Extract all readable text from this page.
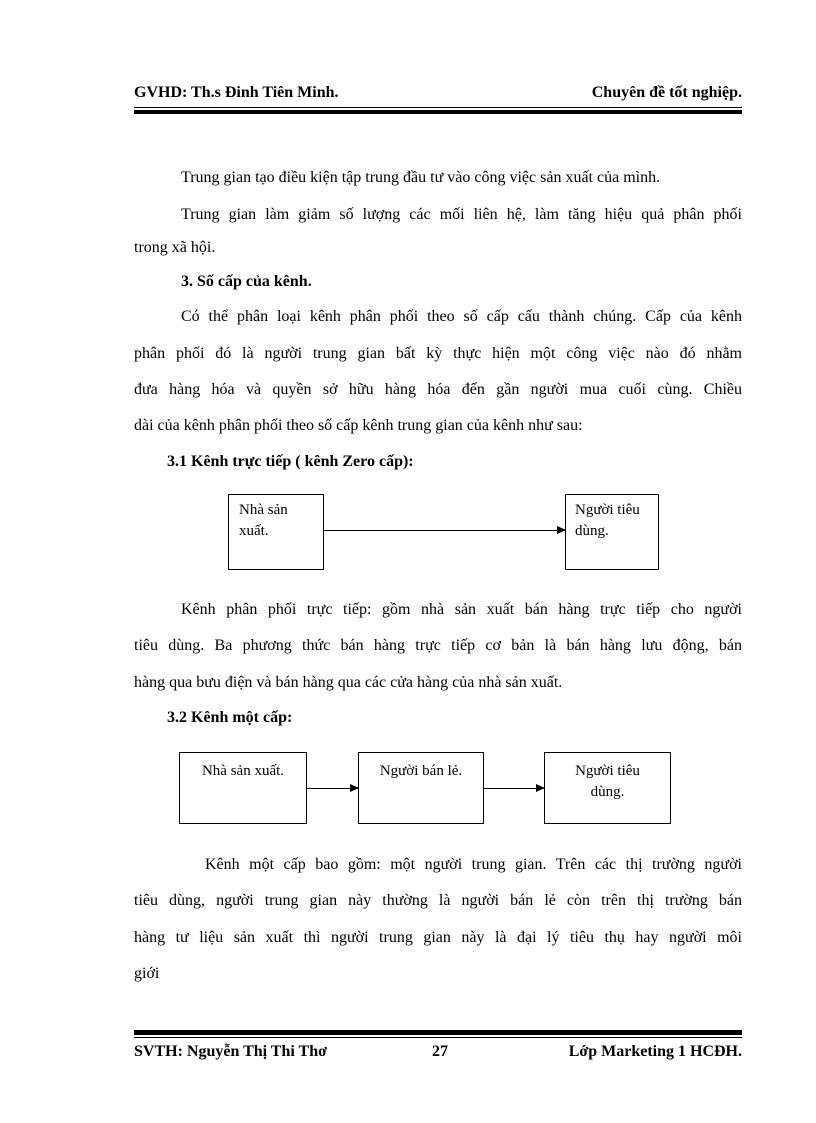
GVHD: Th.s Đinh Tiên Minh.	Chuyên đề tốt nghiệp.
Trung gian tạo điều kiện tập trung đầu tư vào công việc sản xuất của mình.
Trung gian làm giảm số lượng các mối liên hệ, làm tăng hiệu quả phân phối
trong xã hội.
3. Số cấp của kênh.
Có thể phân loại kênh phân phối theo số cấp cấu thành chúng. Cấp của kênh
phân phối đó là người trung gian bất kỳ thực hiện một công việc nào đó nhằm
đưa hàng hóa và quyền sở hữu hàng hóa đến gần người mua cuối cùng. Chiều
dài của kênh phân phối theo số cấp kênh trung gian của kênh như sau:
3.1 Kênh trực tiếp ( kênh Zero cấp):
Nhà sản
xuất.
Người tiêu
dùng.
Kênh phân phối trực tiếp: gồm nhà sản xuất bán hàng trực tiếp cho người
tiêu dùng. Ba phương thức bán hàng trực tiếp cơ bản là bán hàng lưu động, bán
hàng qua bưu điện và bán hàng qua các cửa hàng của nhà sản xuất.
3.2 Kênh một cấp:
Nhà sản xuất.	Người bán lẻ.	Người tiêu
dùng.
Kênh một cấp bao gồm: một người trung gian. Trên các thị trường người
tiêu dùng, người trung gian này thường là người bán lẻ còn trên thị trường bán
hàng tư liệu sản xuất thì người trung gian này là đại lý tiêu thụ hay người môi
giới
SVTH: Nguyễn Thị Thi Thơ	27	Lớp Marketing 1 HCĐH.
